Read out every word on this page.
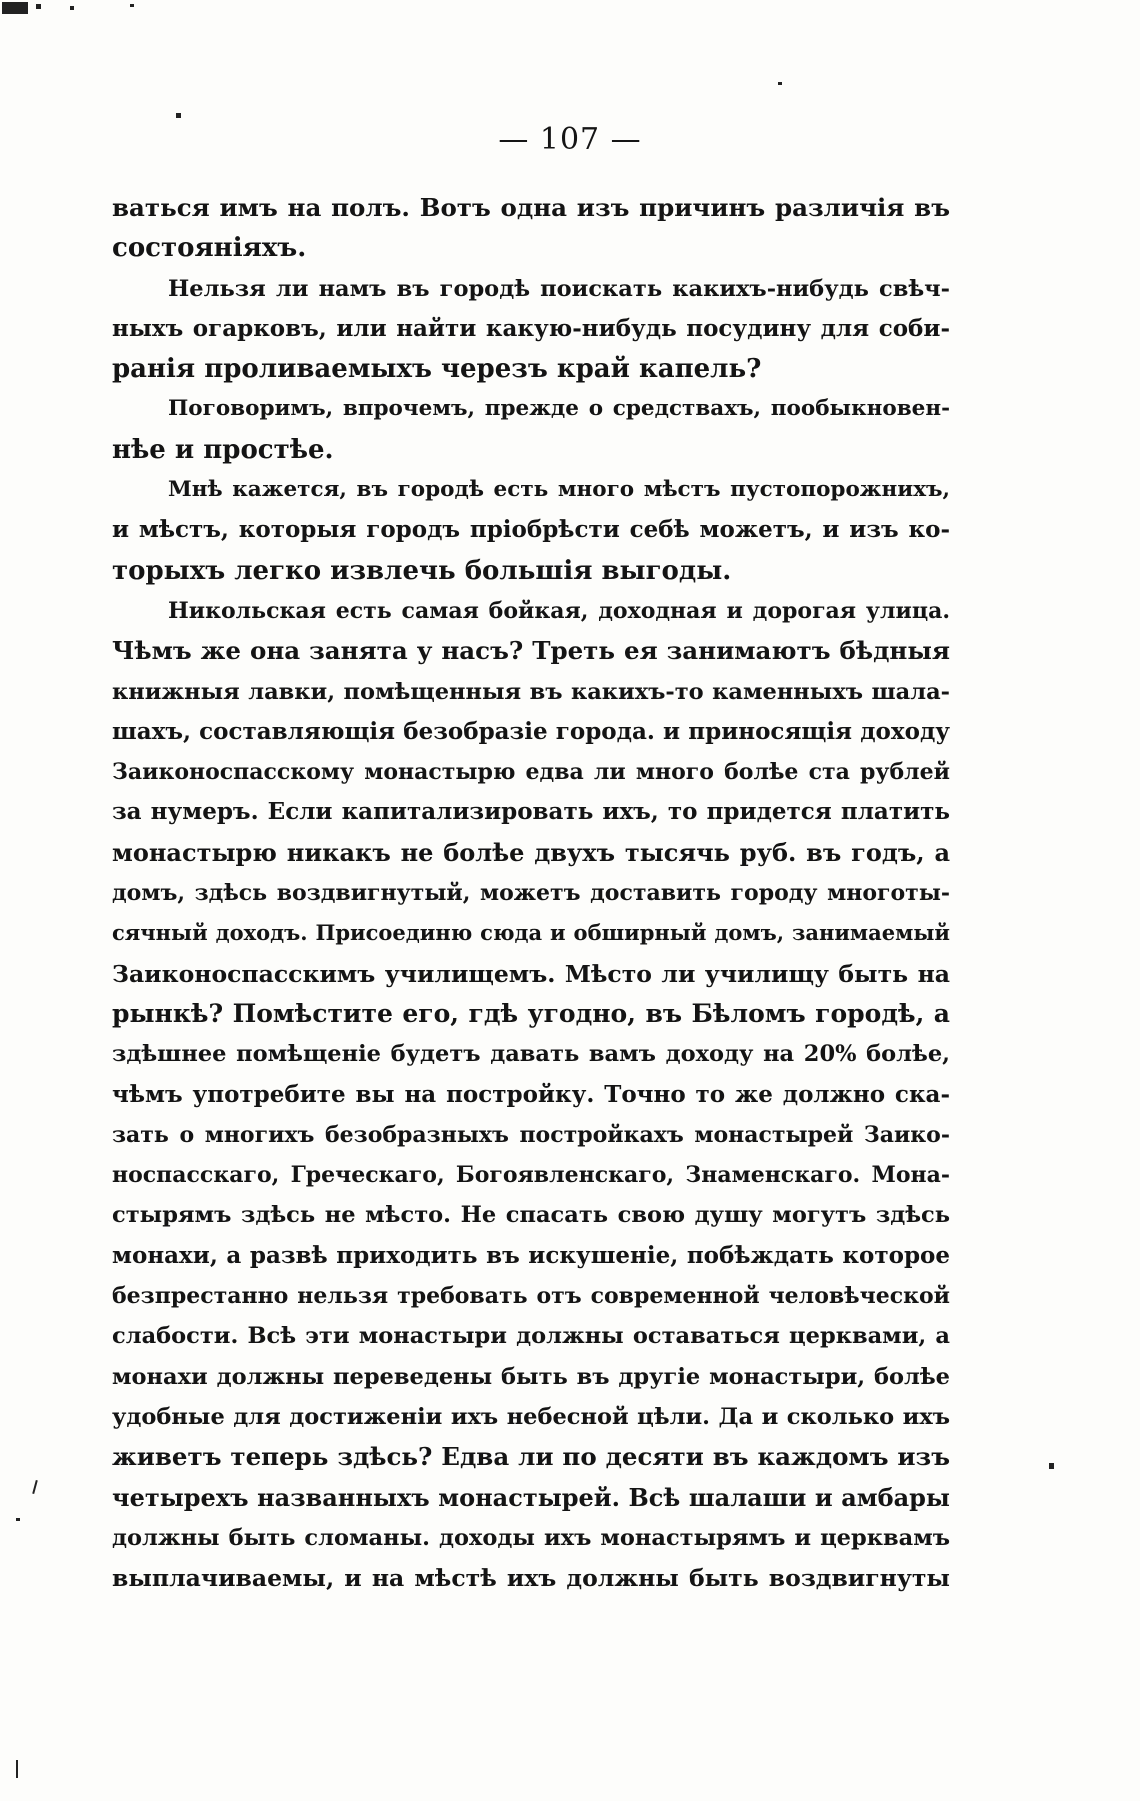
— 107 —
ваться имъ на полъ. Вотъ одна изъ причинъ различія въ
состояніяхъ.
Нельзя ли намъ въ городѣ поискать какихъ-нибудь свѣч-
ныхъ огарковъ, или найти какую-нибудь посудину для соби-
ранія проливаемыхъ черезъ край капель?
Поговоримъ, впрочемъ, прежде о средствахъ, пообыкновен-
нѣе и простѣе.
Мнѣ кажется, въ городѣ есть много мѣстъ пустопорожнихъ,
и мѣстъ, которыя городъ пріобрѣсти себѣ можетъ, и изъ ко-
торыхъ легко извлечь большія выгоды.
Никольская есть самая бойкая, доходная и дорогая улица.
Чѣмъ же она занята у насъ? Треть ея занимаютъ бѣдныя
книжныя лавки, помѣщенныя въ какихъ-то каменныхъ шала-
шахъ, составляющія безобразіе города. и приносящія доходу
Заиконоспасскому монастырю едва ли много болѣе ста рублей
за нумеръ. Если капитализировать ихъ, то придется платить
монастырю никакъ не болѣе двухъ тысячь руб. въ годъ, а
домъ, здѣсь воздвигнутый, можетъ доставить городу многоты-
сячный доходъ. Присоединю сюда и обширный домъ, занимаемый
Заиконоспасскимъ училищемъ. Мѣсто ли училищу быть на
рынкѣ? Помѣстите его, гдѣ угодно, въ Бѣломъ городѣ, а
здѣшнее помѣщеніе будетъ давать вамъ доходу на 20% болѣе,
чѣмъ употребите вы на постройку. Точно то же должно ска-
зать о многихъ безобразныхъ постройкахъ монастырей Заико-
носпасскаго, Греческаго, Богоявленскаго, Знаменскаго. Мона-
стырямъ здѣсь не мѣсто. Не спасать свою душу могутъ здѣсь
монахи, а развѣ приходить въ искушеніе, побѣждать которое
безпрестанно нельзя требовать отъ современной человѣческой
слабости. Всѣ эти монастыри должны оставаться церквами, а
монахи должны переведены быть въ другіе монастыри, болѣе
удобные для достиженіи ихъ небесной цѣли. Да и сколько ихъ
живетъ теперь здѣсь? Едва ли по десяти въ каждомъ изъ
четырехъ названныхъ монастырей. Всѣ шалаши и амбары
должны быть сломаны. доходы ихъ монастырямъ и церквамъ
выплачиваемы, и на мѣстѣ ихъ должны быть воздвигнуты
